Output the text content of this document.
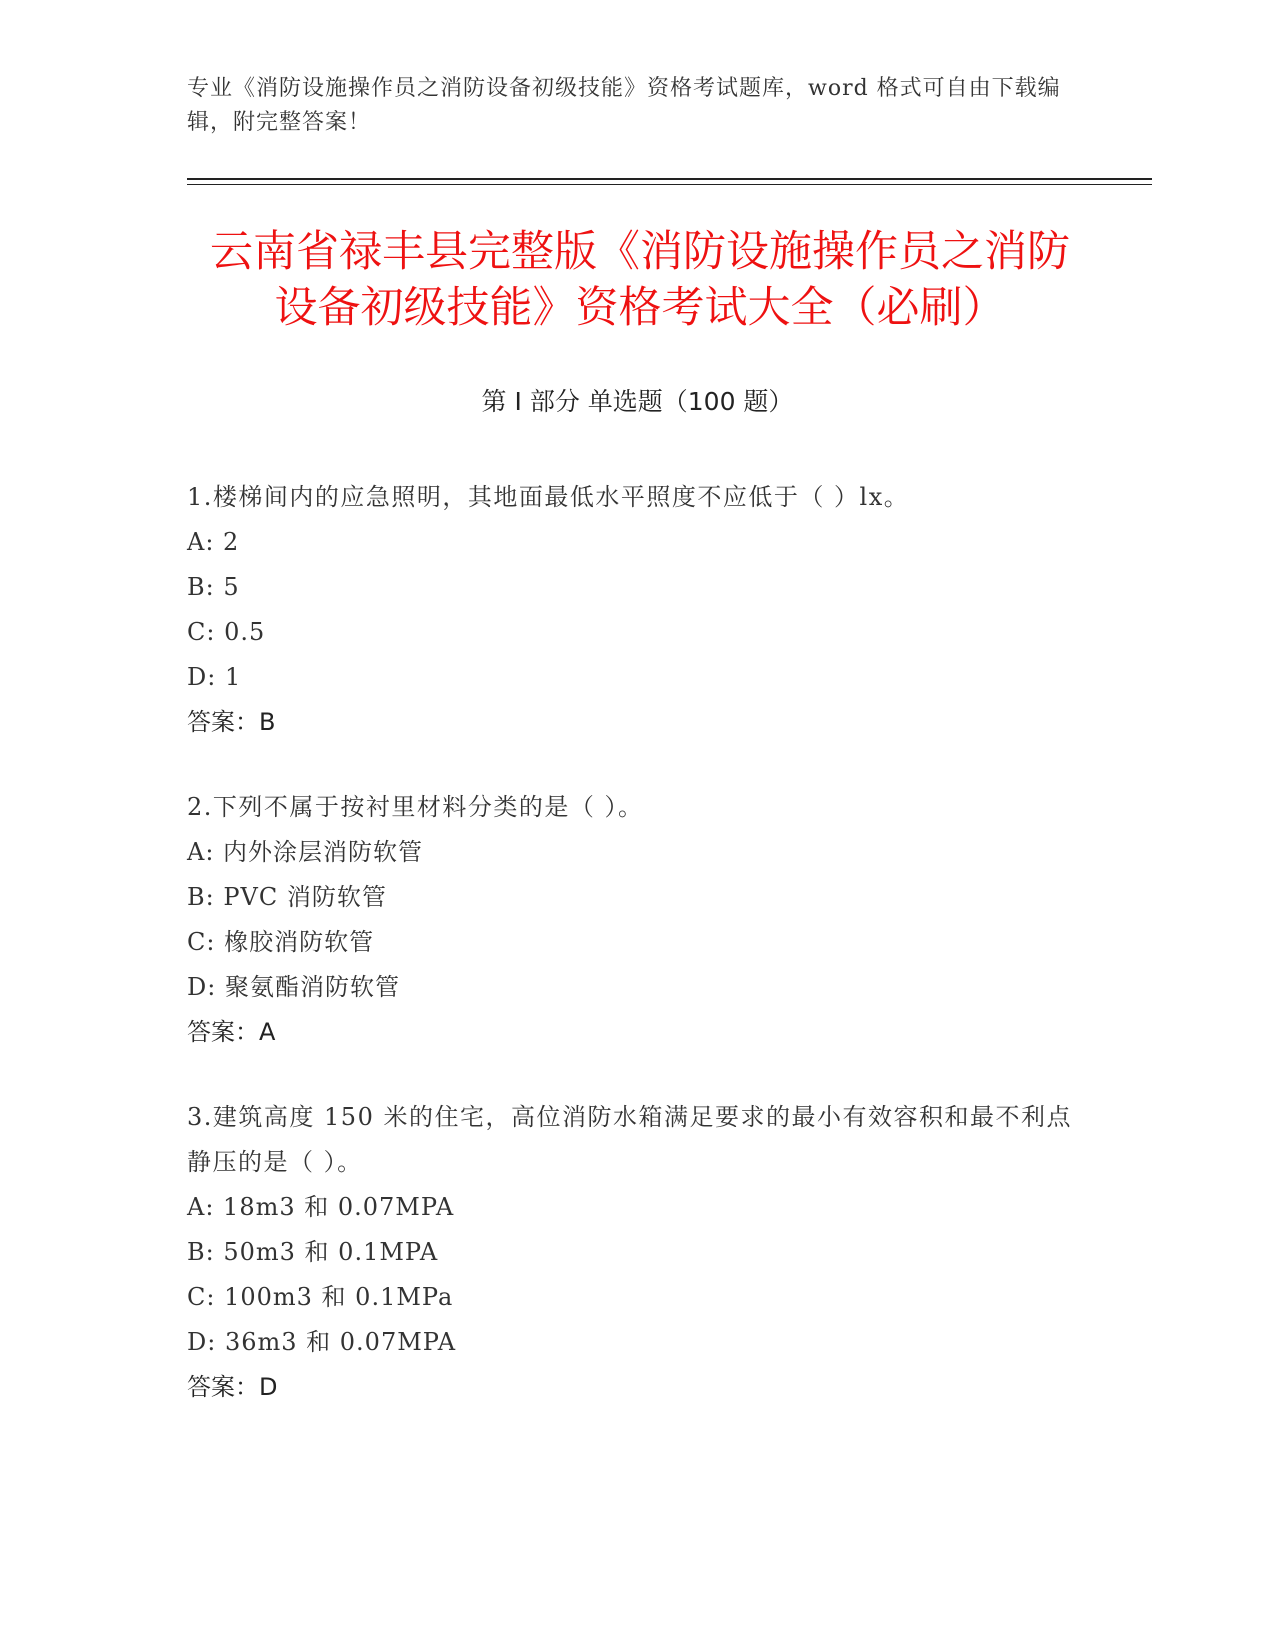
专业《消防设施操作员之消防设备初级技能》资格考试题库，word 格式可自由下载编辑，附完整答案！
云南省禄丰县完整版《消防设施操作员之消防设备初级技能》资格考试大全（必刷）
第 I 部分 单选题（100 题）
1.楼梯间内的应急照明，其地面最低水平照度不应低于（ ）lx。
A: 2
B: 5
C: 0.5
D: 1
答案：B
2.下列不属于按衬里材料分类的是（ ）。
A: 内外涂层消防软管
B: PVC 消防软管
C: 橡胶消防软管
D: 聚氨酯消防软管
答案：A
3.建筑高度 150 米的住宅，高位消防水箱满足要求的最小有效容积和最不利点静压的是（ ）。
A: 18m3 和 0.07MPA
B: 50m3 和 0.1MPA
C: 100m3 和 0.1MPa
D: 36m3 和 0.07MPA
答案：D
